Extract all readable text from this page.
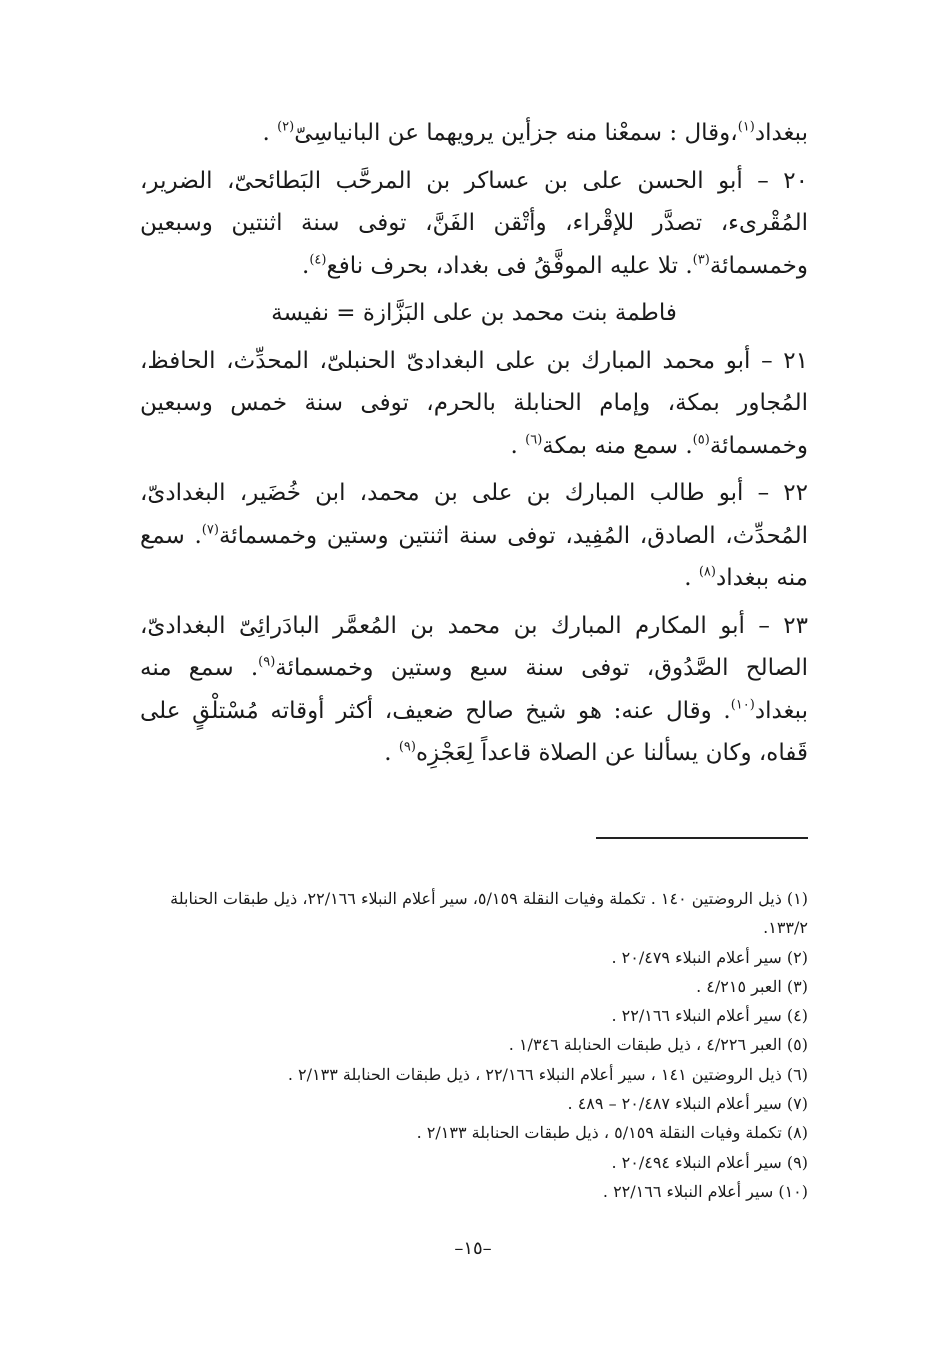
ببغداد$^{(١)}$،وقال : سمعْنا منه جزأين يرويهما عن البانياسِىّ$^{(٢)}$ .

٢٠ – أبو الحسن على بن عساكر بن المرحَّب البَطائحىّ، الضرير، المُقْرىء، تصدَّر للإقْراء، وأتْقن الفَنَّ، توفى سنة اثنتين وسبعين وخمسمائة$^{(٣)}$. تلا عليه الموفَّقُ فى بغداد، بحرف نافع$^{(٤)}$.

فاطمة بنت محمد بن على البَزَّازة = نفيسة

٢١ – أبو محمد المبارك بن على البغدادىّ الحنبلىّ، المحدِّث، الحافظ، المُجاور بمكة، وإمام الحنابلة بالحرم، توفى سنة خمس وسبعين وخمسمائة$^{(٥)}$. سمع منه بمكة$^{(٦)}$ .

٢٢ – أبو طالب المبارك بن على بن محمد، ابن خُضَير، البغدادىّ، المُحدِّث، الصادق، المُفِيد، توفى سنة اثنتين وستين وخمسمائة$^{(٧)}$. سمع منه ببغداد$^{(٨)}$ .

٢٣ – أبو المكارم المبارك بن محمد بن المُعمَّر البادَرائِىّ البغدادىّ، الصالح الصَّدُوق، توفى سنة سبع وستين وخمسمائة$^{(٩)}$. سمع منه ببغداد$^{(١٠)}$. وقال عنه: هو شيخ صالح ضعيف، أكثر أوقاته مُسْتلْقٍ على قَفاه، وكان يسألنا عن الصلاة قاعداً لِعَجْزِه$^{(٩)}$ .

(١) ذيل الروضتين ١٤٠ . تكملة وفيات النقلة ٥/١٥٩، سير أعلام النبلاء ٢٢/١٦٦، ذيل طبقات الحنابلة ١٣٣/٢.

(٢) سير أعلام النبلاء ٢٠/٤٧٩ .

(٣) العبر ٤/٢١٥ .

(٤) سير أعلام النبلاء ٢٢/١٦٦ .

(٥) العبر ٤/٢٢٦ ، ذيل طبقات الحنابلة ١/٣٤٦ .

(٦) ذيل الروضتين ١٤١ ، سير أعلام النبلاء ٢٢/١٦٦ ، ذيل طبقات الحنابلة ٢/١٣٣ .

(٧) سير أعلام النبلاء ٢٠/٤٨٧ – ٤٨٩ .

(٨) تكملة وفيات النقلة ٥/١٥٩ ، ذيل طبقات الحنابلة ٢/١٣٣ .

(٩) سير أعلام النبلاء ٢٠/٤٩٤ .

(١٠) سير أعلام النبلاء ٢٢/١٦٦ .

–١٥–
